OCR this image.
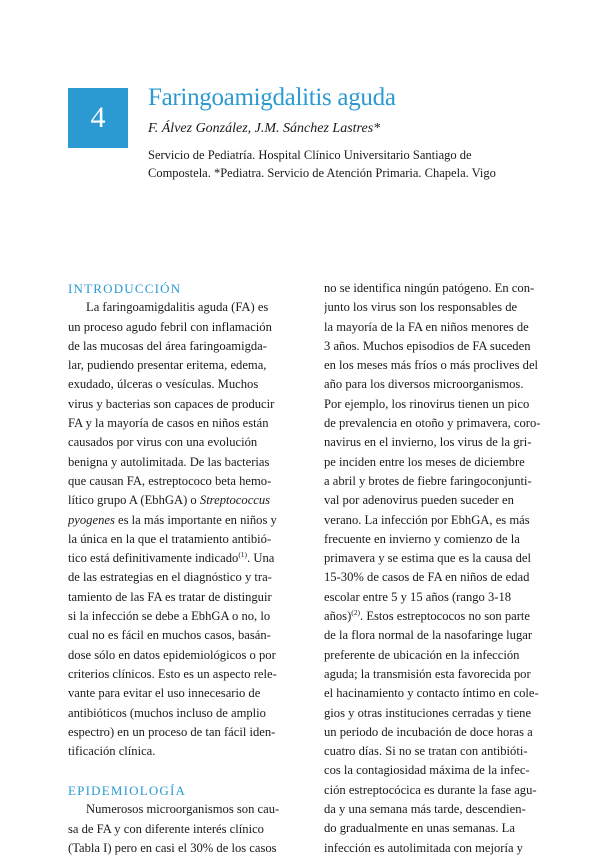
4
Faringoamigdalitis aguda
F. Álvez González, J.M. Sánchez Lastres*
Servicio de Pediatría. Hospital Clínico Universitario Santiago de
Compostela. *Pediatra. Servicio de Atención Primaria. Chapela. Vigo
INTRODUCCIÓN
La faringoamigdalitis aguda (FA) es
un proceso agudo febril con inflamación
de las mucosas del área faringoamigda-
lar, pudiendo presentar eritema, edema,
exudado, úlceras o vesículas. Muchos
virus y bacterias son capaces de producir
FA y la mayoría de casos en niños están
causados por virus con una evolución
benigna y autolimitada. De las bacterias
que causan FA, estreptococo beta hemo-
lítico grupo A (EbhGA) o Streptococcus
pyogenes es la más importante en niños y
la única en la que el tratamiento antibió-
tico está definitivamente indicado$^{(1)}$. Una
de las estrategias en el diagnóstico y tra-
tamiento de las FA es tratar de distinguir
si la infección se debe a EbhGA o no, lo
cual no es fácil en muchos casos, basán-
dose sólo en datos epidemiológicos o por
criterios clínicos. Esto es un aspecto rele-
vante para evitar el uso innecesario de
antibióticos (muchos incluso de amplio
espectro) en un proceso de tan fácil iden-
tificación clínica.
EPIDEMIOLOGÍA
Numerosos microorganismos son cau-
sa de FA y con diferente interés clínico
(Tabla I) pero en casi el 30% de los casos
no se identifica ningún patógeno. En con-
junto los virus son los responsables de
la mayoría de la FA en niños menores de
3 años. Muchos episodios de FA suceden
en los meses más fríos o más proclives del
año para los diversos microorganismos.
Por ejemplo, los rinovirus tienen un pico
de prevalencia en otoño y primavera, coro-
navirus en el invierno, los virus de la gri-
pe inciden entre los meses de diciembre
a abril y brotes de fiebre faringoconjunti-
val por adenovirus pueden suceder en
verano. La infección por EbhGA, es más
frecuente en invierno y comienzo de la
primavera y se estima que es la causa del
15-30% de casos de FA en niños de edad
escolar entre 5 y 15 años (rango 3-18
años)$^{(2)}$. Estos estreptococos no son parte
de la flora normal de la nasofaringe lugar
preferente de ubicación en la infección
aguda; la transmisión esta favorecida por
el hacinamiento y contacto íntimo en cole-
gios y otras instituciones cerradas y tiene
un periodo de incubación de doce horas a
cuatro días. Si no se tratan con antibióti-
cos la contagiosidad máxima de la infec-
ción estreptocócica es durante la fase agu-
da y una semana más tarde, descendien-
do gradualmente en unas semanas. La
infección es autolimitada con mejoría y
